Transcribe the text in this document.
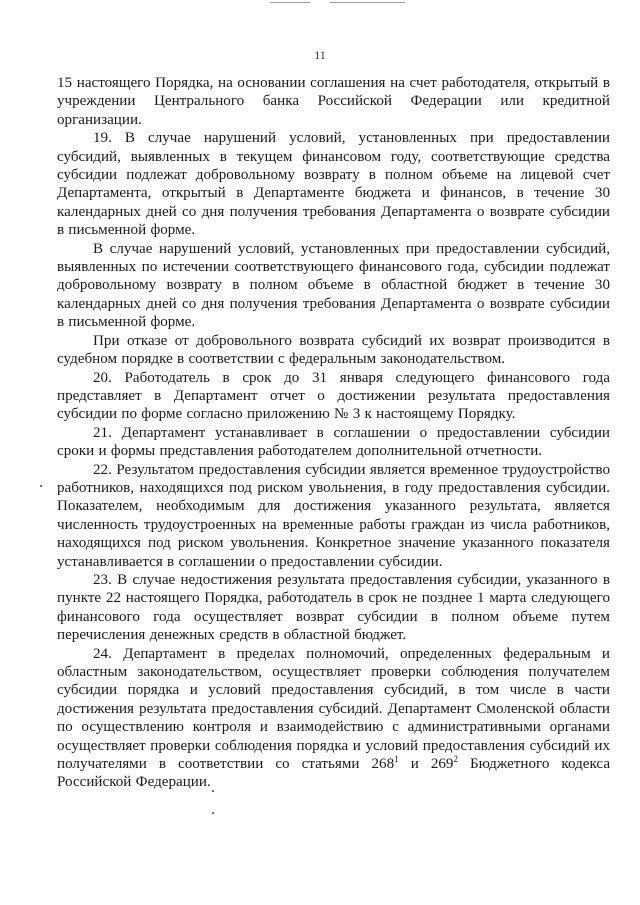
11

15 настоящего Порядка, на основании соглашения на счет работодателя, открытый в учреждении Центрального банка Российской Федерации или кредитной организации.

19. В случае нарушений условий, установленных при предоставлении субсидий, выявленных в текущем финансовом году, соответствующие средства субсидии подлежат добровольному возврату в полном объеме на лицевой счет Департамента, открытый в Департаменте бюджета и финансов, в течение 30 календарных дней со дня получения требования Департамента о возврате субсидии в письменной форме.

В случае нарушений условий, установленных при предоставлении субсидий, выявленных по истечении соответствующего финансового года, субсидии подлежат добровольному возврату в полном объеме в областной бюджет в течение 30 календарных дней со дня получения требования Департамента о возврате субсидии в письменной форме.

При отказе от добровольного возврата субсидий их возврат производится в судебном порядке в соответствии с федеральным законодательством.

20. Работодатель в срок до 31 января следующего финансового года представляет в Департамент отчет о достижении результата предоставления субсидии по форме согласно приложению № 3 к настоящему Порядку.

21. Департамент устанавливает в соглашении о предоставлении субсидии сроки и формы представления работодателем дополнительной отчетности.

22. Результатом предоставления субсидии является временное трудоустройство работников, находящихся под риском увольнения, в году предоставления субсидии. Показателем, необходимым для достижения указанного результата, является численность трудоустроенных на временные работы граждан из числа работников, находящихся под риском увольнения. Конкретное значение указанного показателя устанавливается в соглашении о предоставлении субсидии.

23. В случае недостижения результата предоставления субсидии, указанного в пункте 22 настоящего Порядка, работодатель в срок не позднее 1 марта следующего финансового года осуществляет возврат субсидии в полном объеме путем перечисления денежных средств в областной бюджет.

24. Департамент в пределах полномочий, определенных федеральным и областным законодательством, осуществляет проверки соблюдения получателем субсидии порядка и условий предоставления субсидий, в том числе в части достижения результата предоставления субсидий. Департамент Смоленской области по осуществлению контроля и взаимодействию с административными органами осуществляет проверки соблюдения порядка и условий предоставления субсидий их получателями в соответствии со статьями $268^1$ и $269^2$ Бюджетного кодекса Российской Федерации.
